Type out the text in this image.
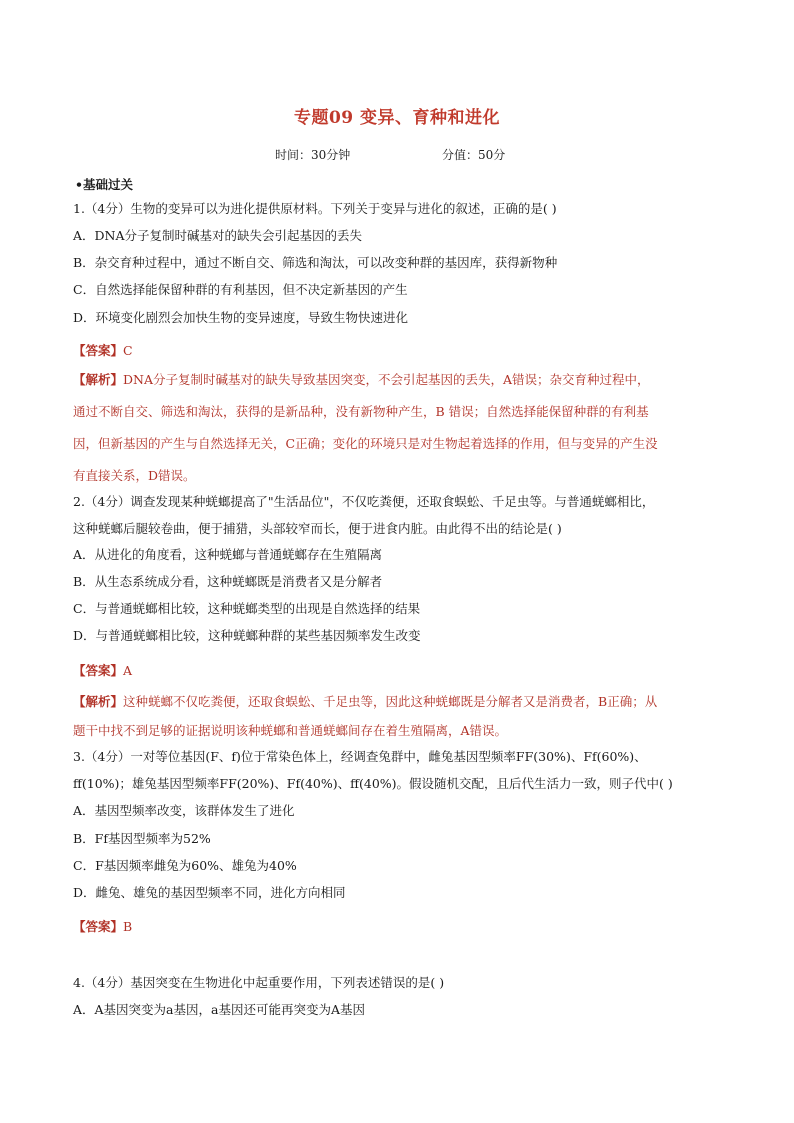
专题09 变异、育种和进化
时间：30分钟	分值：50分
•基础过关
1.（4分）生物的变异可以为进化提供原材料。下列关于变异与进化的叙述，正确的是( )
A．DNA分子复制时碱基对的缺失会引起基因的丢失
B．杂交育种过程中，通过不断自交、筛选和淘汰，可以改变种群的基因库，获得新物种
C．自然选择能保留种群的有利基因，但不决定新基因的产生
D．环境变化剧烈会加快生物的变异速度，导致生物快速进化
【答案】C
【解析】DNA分子复制时碱基对的缺失导致基因突变，不会引起基因的丢失，A错误；杂交育种过程中，
通过不断自交、筛选和淘汰，获得的是新品种，没有新物种产生，B 错误；自然选择能保留种群的有利基
因，但新基因的产生与自然选择无关，C正确；变化的环境只是对生物起着选择的作用，但与变异的产生没
有直接关系，D错误。
2.（4分）调查发现某种蜣螂提高了"生活品位"，不仅吃粪便，还取食蜈蚣、千足虫等。与普通蜣螂相比，
这种蜣螂后腿较卷曲，便于捕猎，头部较窄而长，便于进食内脏。由此得不出的结论是( )
A．从进化的角度看，这种蜣螂与普通蜣螂存在生殖隔离
B．从生态系统成分看，这种蜣螂既是消费者又是分解者
C．与普通蜣螂相比较，这种蜣螂类型的出现是自然选择的结果
D．与普通蜣螂相比较，这种蜣螂种群的某些基因频率发生改变
【答案】A
【解析】这种蜣螂不仅吃粪便，还取食蜈蚣、千足虫等，因此这种蜣螂既是分解者又是消费者，B正确；从
题干中找不到足够的证据说明该种蜣螂和普通蜣螂间存在着生殖隔离，A错误。
3.（4分）一对等位基因(F、f)位于常染色体上，经调查兔群中，雌兔基因型频率FF(30%)、Ff(60%)、
ff(10%)；雄兔基因型频率FF(20%)、Ff(40%)、ff(40%)。假设随机交配，且后代生活力一致，则子代中( )
A．基因型频率改变，该群体发生了进化
B．Ff基因型频率为52%
C．F基因频率雌兔为60%、雄兔为40%
D．雌兔、雄兔的基因型频率不同，进化方向相同
【答案】B
4.（4分）基因突变在生物进化中起重要作用，下列表述错误的是( )
A．A基因突变为a基因，a基因还可能再突变为A基因
